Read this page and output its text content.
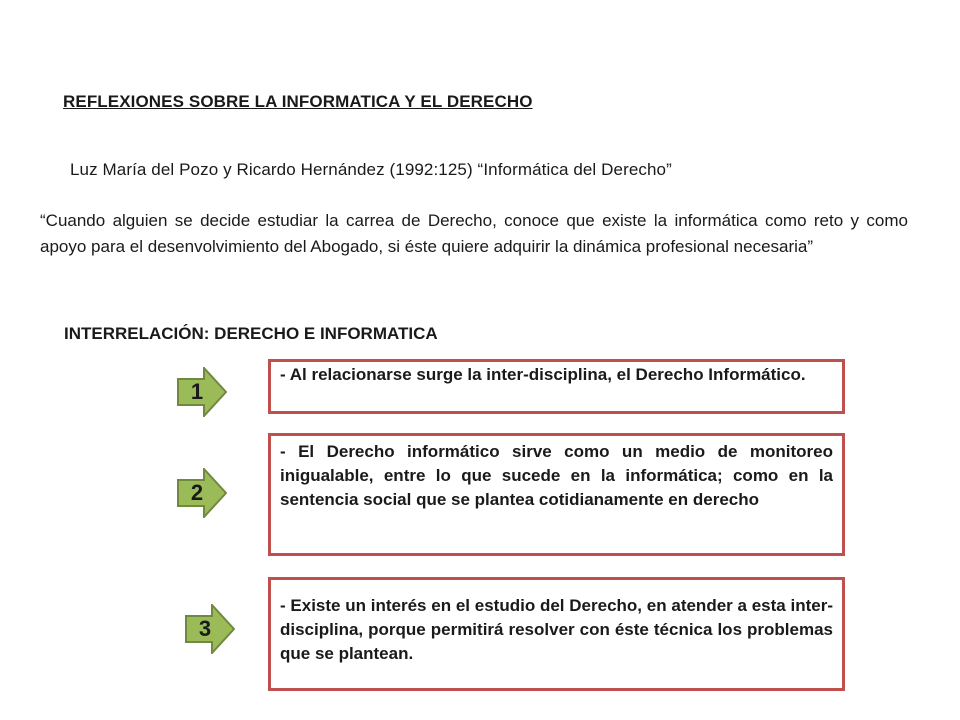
REFLEXIONES SOBRE LA INFORMATICA Y EL DERECHO
Luz María del Pozo y Ricardo Hernández (1992:125) “Informática del Derecho”
“Cuando alguien se decide estudiar la carrea de Derecho, conoce que existe la informática como reto y como apoyo para el desenvolvimiento del Abogado, si éste quiere adquirir la dinámica profesional necesaria”
INTERRELACIÓN: DERECHO E INFORMATICA
1
- Al relacionarse surge la inter-disciplina, el Derecho Informático.
2
- El Derecho informático sirve como un medio de monitoreo inigualable, entre lo que sucede en la informática; como en la sentencia social que se plantea cotidianamente en derecho
3
- Existe un interés en el estudio del Derecho, en atender a esta inter-disciplina, porque permitirá resolver con éste técnica los problemas que se plantean.
